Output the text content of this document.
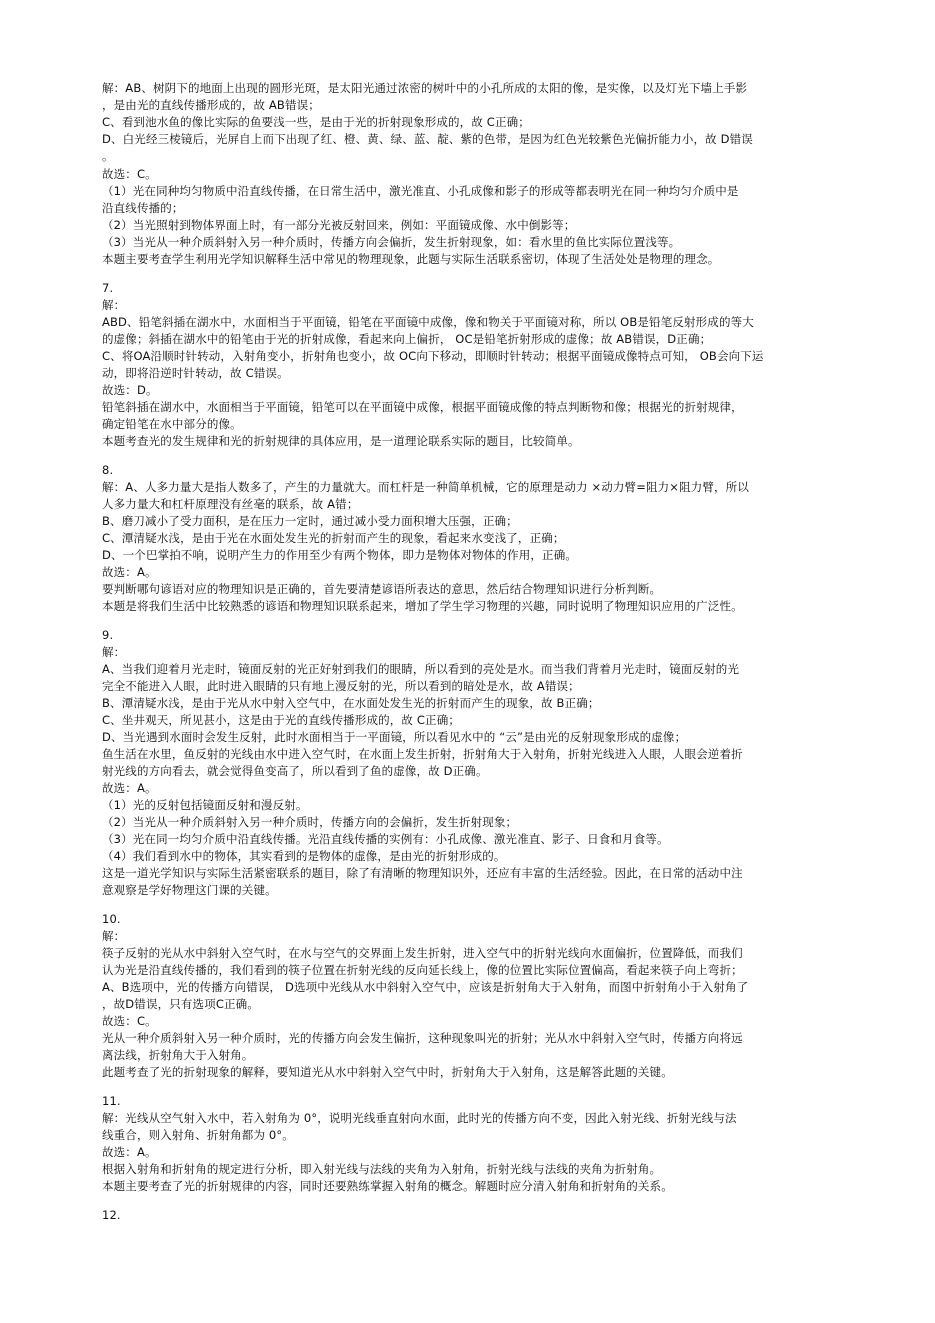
解：AB、树阴下的地面上出现的圆形光斑，是太阳光通过浓密的树叶中的小孔所成的太阳的像，是实像，以及灯光下墙上手影
，是由光的直线传播形成的，故 AB错误；
C、看到池水鱼的像比实际的鱼要浅一些，是由于光的折射现象形成的，故 C正确；
D、白光经三棱镜后，光屏自上而下出现了红、橙、黄、绿、蓝、靛、紫的色带，是因为红色光较紫色光偏折能力小，故 D错误
。
故选：C。
（1）光在同种均匀物质中沿直线传播，在日常生活中，激光准直、小孔成像和影子的形成等都表明光在同一种均匀介质中是
沿直线传播的；
（2）当光照射到物体界面上时，有一部分光被反射回来，例如：平面镜成像、水中倒影等；
（3）当光从一种介质斜射入另一种介质时，传播方向会偏折，发生折射现象，如：看水里的鱼比实际位置浅等。
本题主要考查学生利用光学知识解释生活中常见的物理现象，此题与实际生活联系密切，体现了生活处处是物理的理念。
7.
解：
ABD、铅笔斜插在湖水中，水面相当于平面镜，铅笔在平面镜中成像，像和物关于平面镜对称，所以 OB是铅笔反射形成的等大
的虚像；斜插在湖水中的铅笔由于光的折射成像，看起来向上偏折， OC是铅笔折射形成的虚像；故 AB错误，D正确；
C、将OA沿顺时针转动，入射角变小，折射角也变小，故 OC向下移动，即顺时针转动；根据平面镜成像特点可知， OB会向下运
动，即将沿逆时针转动，故 C错误。
故选：D。
铅笔斜插在湖水中，水面相当于平面镜，铅笔可以在平面镜中成像，根据平面镜成像的特点判断物和像；根据光的折射规律，
确定铅笔在水中部分的像。
本题考查光的发生规律和光的折射规律的具体应用，是一道理论联系实际的题目，比较简单。
8.
解：A、人多力量大是指人数多了，产生的力量就大。而杠杆是一种简单机械，它的原理是动力 ×动力臂=阻力×阻力臂，所以
人多力量大和杠杆原理没有丝毫的联系，故 A错；
B、磨刀减小了受力面积，是在压力一定时，通过减小受力面积增大压强，正确；
C、潭清疑水浅，是由于光在水面处发生光的折射而产生的现象，看起来水变浅了，正确；
D、一个巴掌拍不响，说明产生力的作用至少有两个物体，即力是物体对物体的作用，正确。
故选：A。
要判断哪句谚语对应的物理知识是正确的，首先要清楚谚语所表达的意思，然后结合物理知识进行分析判断。
本题是将我们生活中比较熟悉的谚语和物理知识联系起来，增加了学生学习物理的兴趣，同时说明了物理知识应用的广泛性。
9.
解：
A、当我们迎着月光走时，镜面反射的光正好射到我们的眼睛，所以看到的亮处是水。而当我们背着月光走时，镜面反射的光
完全不能进入人眼，此时进入眼睛的只有地上漫反射的光，所以看到的暗处是水，故 A错误；
B、潭清疑水浅，是由于光从水中射入空气中，在水面处发生光的折射而产生的现象，故 B正确；
C、坐井观天，所见甚小，这是由于光的直线传播形成的，故 C正确；
D、当光遇到水面时会发生反射，此时水面相当于一平面镜，所以看见水中的 “云”是由光的反射现象形成的虚像；
鱼生活在水里，鱼反射的光线由水中进入空气时，在水面上发生折射，折射角大于入射角，折射光线进入人眼，人眼会逆着折
射光线的方向看去，就会觉得鱼变高了，所以看到了鱼的虚像，故 D正确。
故选：A。
（1）光的反射包括镜面反射和漫反射。
（2）当光从一种介质斜射入另一种介质时，传播方向的会偏折，发生折射现象；
（3）光在同一均匀介质中沿直线传播。光沿直线传播的实例有：小孔成像、激光准直、影子、日食和月食等。
（4）我们看到水中的物体，其实看到的是物体的虚像，是由光的折射形成的。
这是一道光学知识与实际生活紧密联系的题目，除了有清晰的物理知识外，还应有丰富的生活经验。因此，在日常的活动中注
意观察是学好物理这门课的关键。
10.
解：
筷子反射的光从水中斜射入空气时，在水与空气的交界面上发生折射，进入空气中的折射光线向水面偏折，位置降低，而我们
认为光是沿直线传播的，我们看到的筷子位置在折射光线的反向延长线上，像的位置比实际位置偏高，看起来筷子向上弯折；
A、B选项中，光的传播方向错误， D选项中光线从水中斜射入空气中，应该是折射角大于入射角，而图中折射角小于入射角了
，故D错误，只有选项C正确。
故选：C。
光从一种介质斜射入另一种介质时，光的传播方向会发生偏折，这种现象叫光的折射；光从水中斜射入空气时，传播方向将远
离法线，折射角大于入射角。
此题考查了光的折射现象的解释，要知道光从水中斜射入空气中时，折射角大于入射角，这是解答此题的关键。
11.
解：光线从空气射入水中，若入射角为 0°，说明光线垂直射向水面，此时光的传播方向不变，因此入射光线、折射光线与法
线重合，则入射角、折射角都为 0°。
故选：A。
根据入射角和折射角的规定进行分析，即入射光线与法线的夹角为入射角，折射光线与法线的夹角为折射角。
本题主要考查了光的折射规律的内容，同时还要熟练掌握入射角的概念。解题时应分清入射角和折射角的关系。
12.
